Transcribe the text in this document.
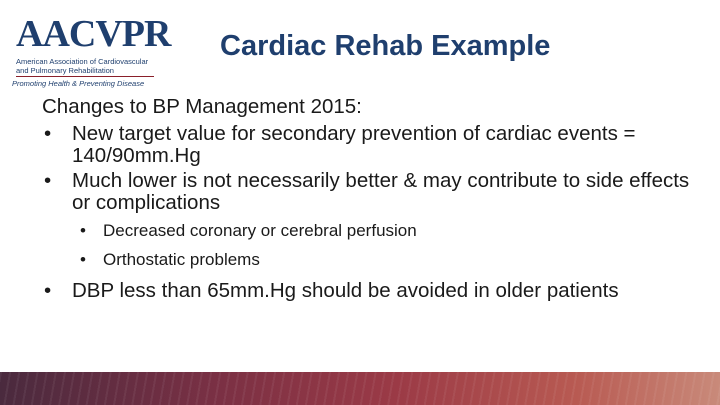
AACVPR
American Association of Cardiovascular
and Pulmonary Rehabilitation
Promoting Health & Preventing Disease
Cardiac Rehab Example

Changes to BP Management 2015:

• New target value for secondary prevention of cardiac events = 140/90mm.Hg
• Much lower is not necessarily better & may contribute to side effects or complications
• Decreased coronary or cerebral perfusion
• Orthostatic problems
• DBP less than 65mm.Hg should be avoided in older patients
